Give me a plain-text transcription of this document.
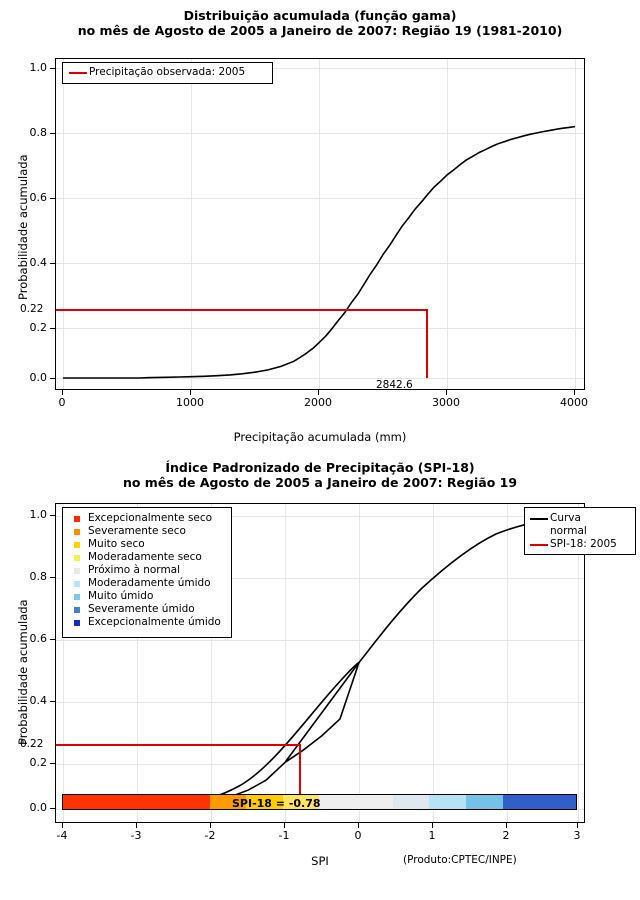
Distribuição acumulada (função gama)
no mês de Agosto de 2005 a Janeiro de 2007: Região 19 (1981-2010)
Probabilidade acumulada
1.0
0.8
0.6
0.4
0.2
0.0
0.22
2842.6
0	1000	2000	3000	4000
Precipitação acumulada (mm)
Precipitação observada: 2005
Índice Padronizado de Precipitação (SPI-18)
no mês de Agosto de 2005 a Janeiro de 2007: Região 19
Probabilidade acumulada
1.0
0.8
0.6
0.4
0.2
0.0
0.22
SPI-18 = -0.78
-4	-3	-2	-1	0	1	2	3
SPI	(Produto:CPTEC/INPE)
Excepcionalmente seco
Severamente seco
Muito seco
Moderadamente seco
Próximo à normal
Moderadamente úmido
Muito úmido
Severamente úmido
Excepcionalmente úmido
Curva
normal
SPI-18: 2005
